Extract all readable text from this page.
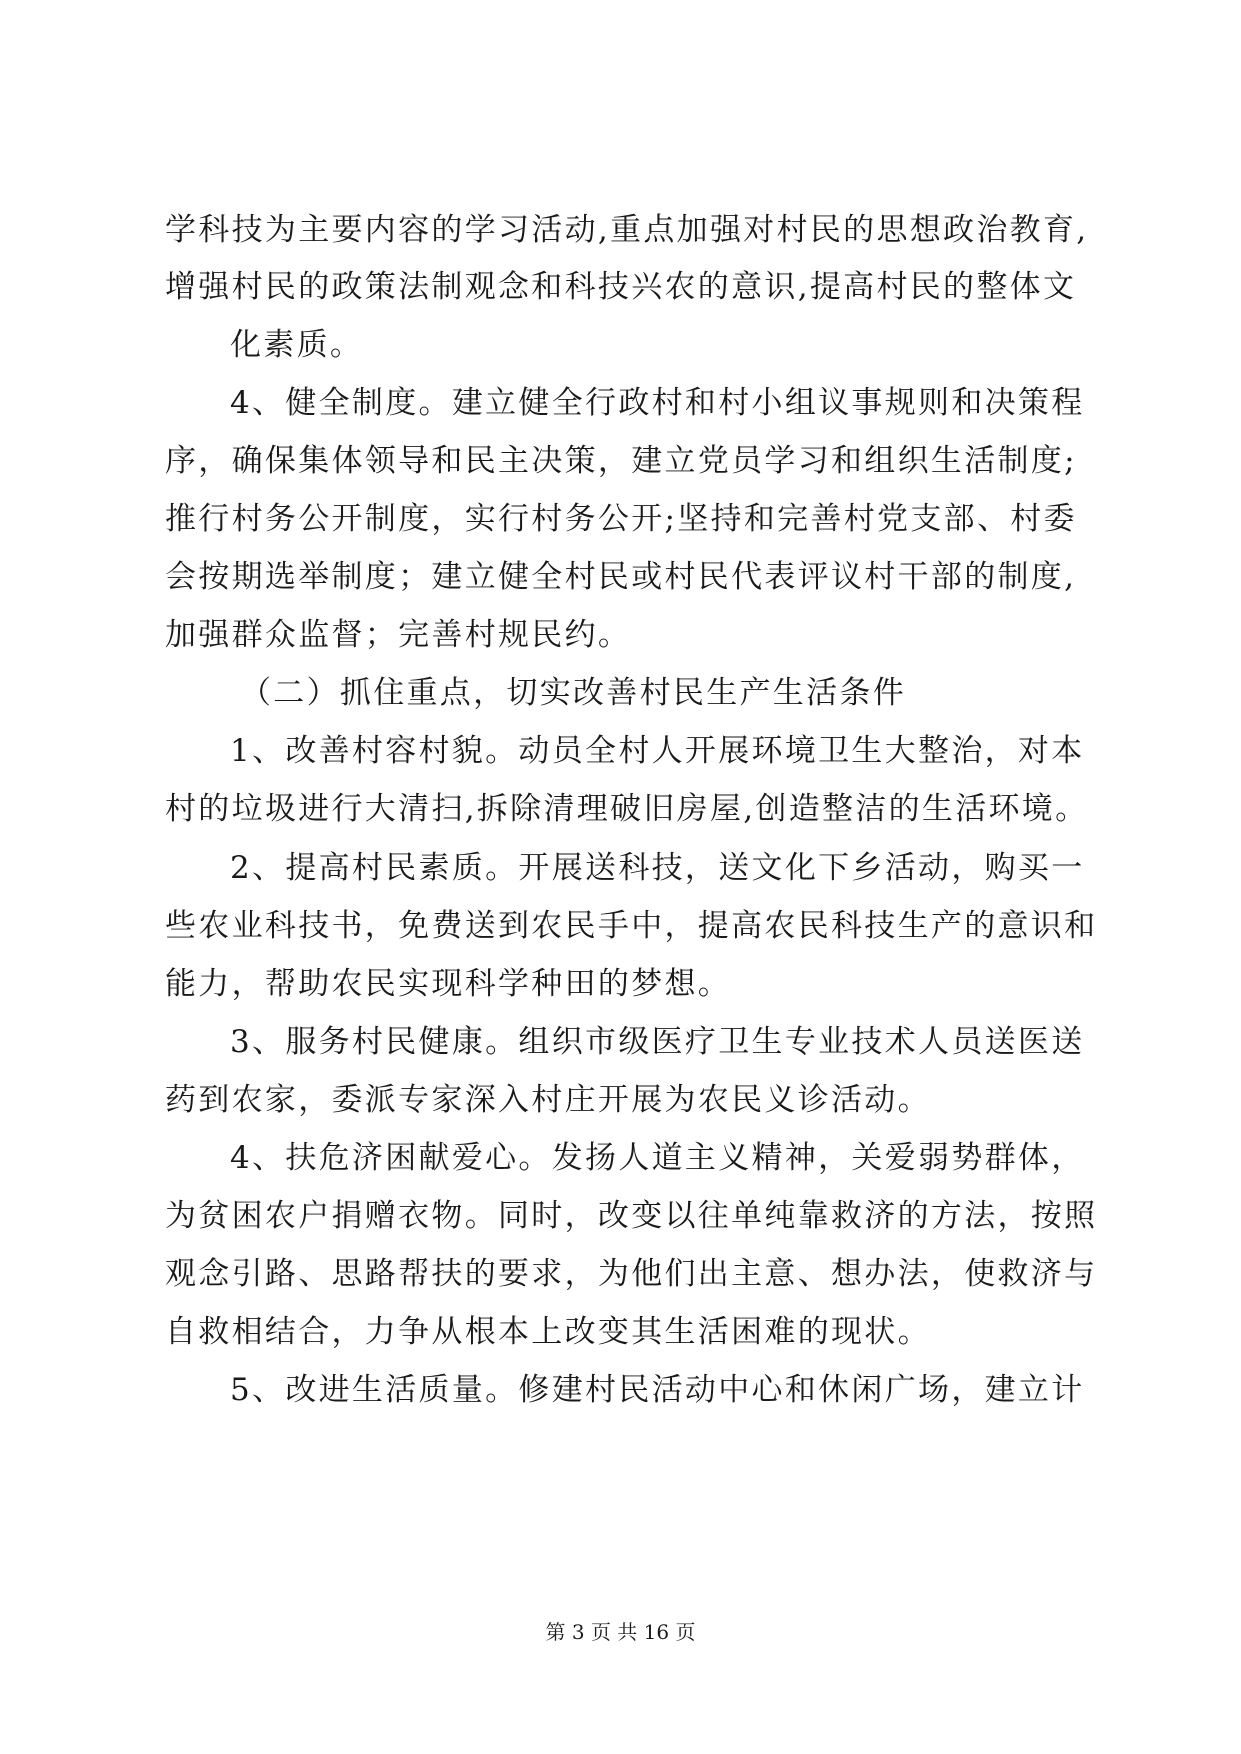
学科技为主要内容的学习活动,重点加强对村民的思想政治教育,

增强村民的政策法制观念和科技兴农的意识,提高村民的整体文

化素质。

4、健全制度。建立健全行政村和村小组议事规则和决策程

序，确保集体领导和民主决策，建立党员学习和组织生活制度;

推行村务公开制度，实行村务公开;坚持和完善村党支部、村委

会按期选举制度；建立健全村民或村民代表评议村干部的制度,

加强群众监督；完善村规民约。

（二）抓住重点，切实改善村民生产生活条件

1、改善村容村貌。动员全村人开展环境卫生大整治，对本

村的垃圾进行大清扫,拆除清理破旧房屋,创造整洁的生活环境。

2、提高村民素质。开展送科技，送文化下乡活动，购买一

些农业科技书，免费送到农民手中，提高农民科技生产的意识和

能力，帮助农民实现科学种田的梦想。

3、服务村民健康。组织市级医疗卫生专业技术人员送医送

药到农家，委派专家深入村庄开展为农民义诊活动。

4、扶危济困献爱心。发扬人道主义精神，关爱弱势群体，

为贫困农户捐赠衣物。同时，改变以往单纯靠救济的方法，按照

观念引路、思路帮扶的要求，为他们出主意、想办法，使救济与

自救相结合，力争从根本上改变其生活困难的现状。

5、改进生活质量。修建村民活动中心和休闲广场，建立计

第 3 页 共 16 页
